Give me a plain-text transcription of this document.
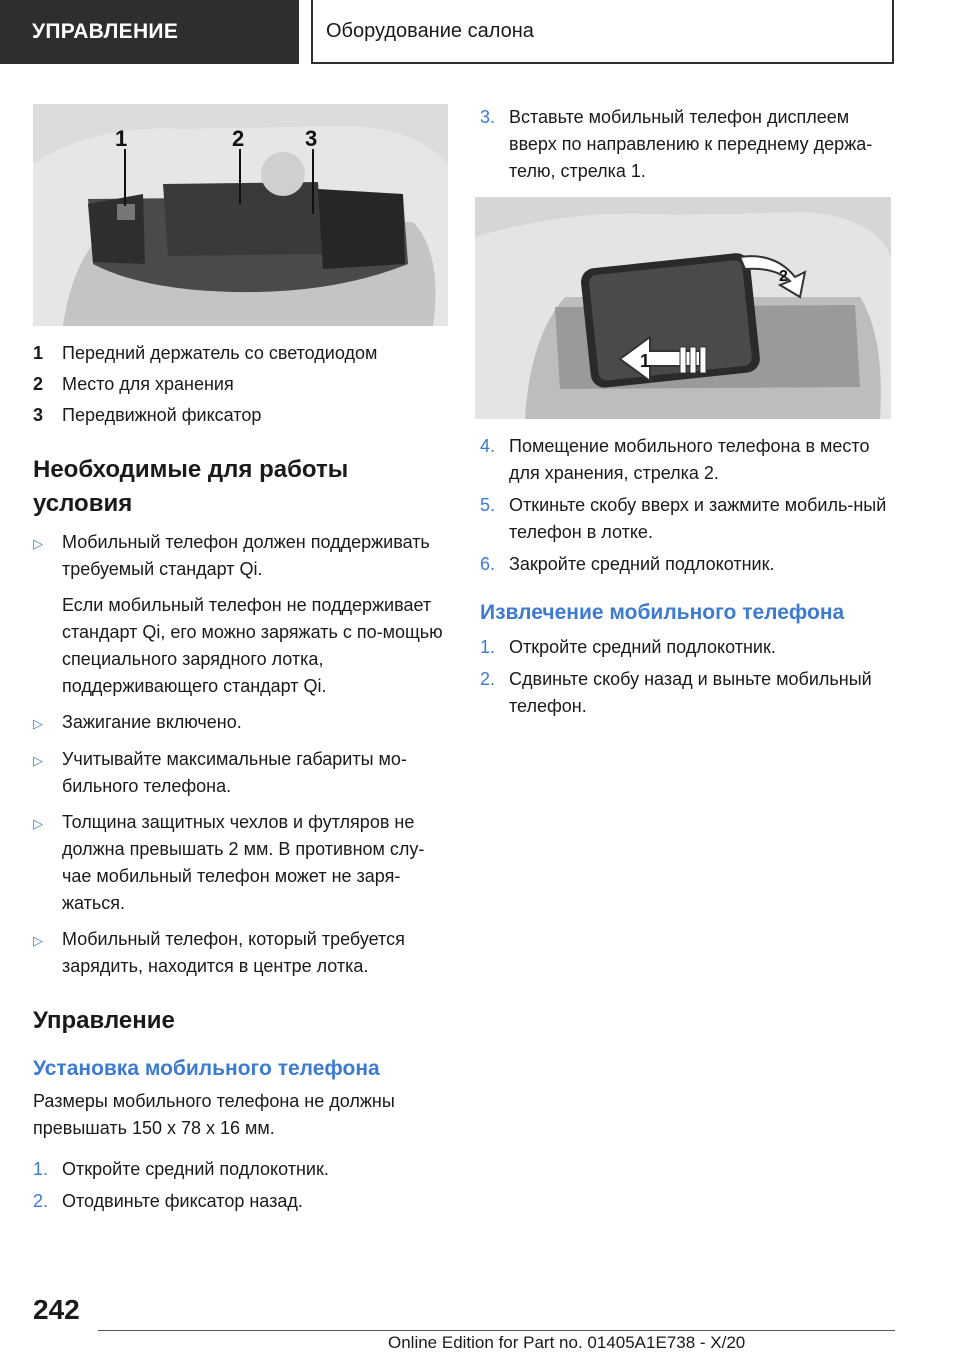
УПРАВЛЕНИЕ	Оборудование салона
1	2	3
1	Передний держатель со светодиодом
2	Место для хранения
3	Передвижной фиксатор
Необходимые для работы условия
▷	Мобильный телефон должен поддерживать требуемый стандарт Qi.
Если мобильный телефон не поддерживает стандарт Qi, его можно заряжать с по-мощью специального зарядного лотка, поддерживающего стандарт Qi.
▷	Зажигание включено.
▷	Учитывайте максимальные габариты мо-бильного телефона.
▷	Толщина защитных чехлов и футляров не должна превышать 2 мм. В противном слу-чае мобильный телефон может не заря-жаться.
▷	Мобильный телефон, который требуется зарядить, находится в центре лотка.
Управление
Установка мобильного телефона
Размеры мобильного телефона не должны превышать 150 x 78 x 16 мм.
1. Откройте средний подлокотник.
2. Отодвиньте фиксатор назад.
3. Вставьте мобильный телефон дисплеем вверх по направлению к переднему держа-телю, стрелка 1.
1
2
4. Помещение мобильного телефона в место для хранения, стрелка 2.
5. Откиньте скобу вверх и зажмите мобиль-ный телефон в лотке.
6. Закройте средний подлокотник.
Извлечение мобильного телефона
1. Откройте средний подлокотник.
2. Сдвиньте скобу назад и выньте мобильный телефон.
242
Online Edition for Part no. 01405A1E738 - X/20
